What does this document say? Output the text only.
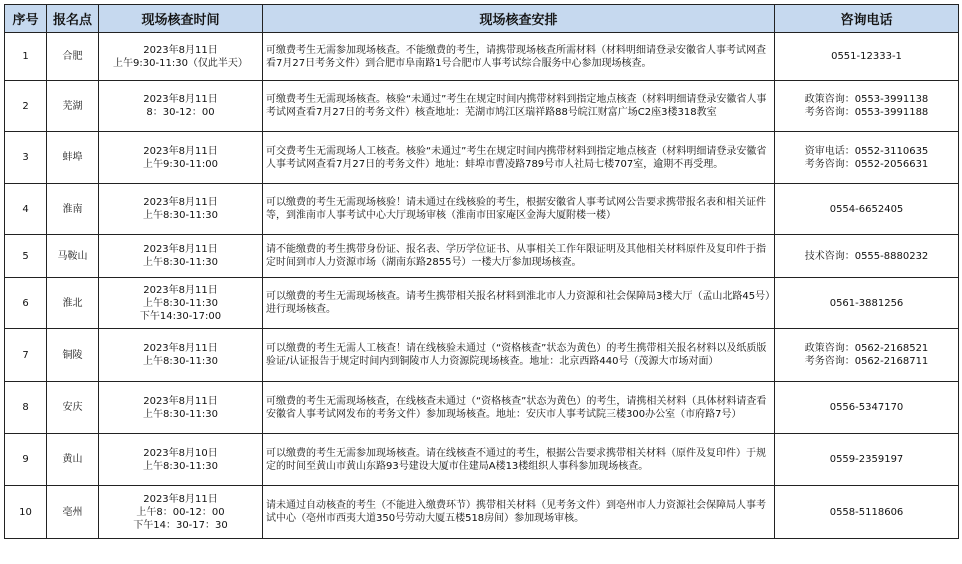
序号	报名点	现场核查时间	现场核查安排	咨询电话
1	合肥	2023年8月11日
上午9:30-11:30（仅此半天）	可缴费考生无需参加现场核查。不能缴费的考生，请携带现场核查所需材料（材料明细请登录安徽省人事考试网查看7月27日考务文件）到合肥市阜南路1号合肥市人事考试综合服务中心参加现场核查。	0551-12333-1

2	芜湖	2023年8月11日
8：30-12：00	可缴费考生无需现场核查。核验“未通过”考生在规定时间内携带材料到指定地点核查（材料明细请登录安徽省人事考试网查看7月27日的考务文件）核查地址：芜湖市鸠江区瑞祥路88号皖江财富广场C2座3楼318教室	政策咨询：0553-3991138
考务咨询：0553-3991188

3	蚌埠	2023年8月11日
上午9:30-11:00	可交费考生无需现场人工核查。核验“未通过”考生在规定时间内携带材料到指定地点核查（材料明细请登录安徽省人事考试网查看7月27日的考务文件）地址：蚌埠市曹凌路789号市人社局七楼707室，逾期不再受理。	资审电话：0552-3110635
考务咨询：0552-2056631

4	淮南	2023年8月11日
上午8:30-11:30	可以缴费的考生无需现场核验！请未通过在线核验的考生，根据安徽省人事考试网公告要求携带报名表和相关证件等，到淮南市人事考试中心大厅现场审核（淮南市田家庵区金海大厦附楼一楼）	0554-6652405

5	马鞍山	2023年8月11日
上午8:30-11:30	请不能缴费的考生携带身份证、报名表、学历学位证书、从事相关工作年限证明及其他相关材料原件及复印件于指定时间到市人力资源市场（湖南东路2855号）一楼大厅参加现场核查。	技术咨询：0555-8880232

6	淮北	2023年8月11日
上午8:30-11:30
下午14:30-17:00	可以缴费的考生无需现场核查。请考生携带相关报名材料到淮北市人力资源和社会保障局3楼大厅（孟山北路45号）进行现场核查。	0561-3881256

7	铜陵	2023年8月11日
上午8:30-11:30	可以缴费的考生无需人工核查！请在线核验未通过（“资格核查”状态为黄色）的考生携带相关报名材料以及纸质版验证/认证报告于规定时间内到铜陵市人力资源院现场核查。地址：北京西路440号（茂源大市场对面）	政策咨询：0562-2168521
考务咨询：0562-2168711

8	安庆	2023年8月11日
上午8:30-11:30	可缴费的考生无需现场核查，在线核查未通过（“资格核查”状态为黄色）的考生，请携相关材料（具体材料请查看安徽省人事考试网发布的考务文件）参加现场核查。地址：安庆市人事考试院三楼300办公室（市府路7号）	0556-5347170

9	黄山	2023年8月10日
上午8:30-11:30	可以缴费的考生无需参加现场核查。请在线核查不通过的考生，根据公告要求携带相关材料（原件及复印件）于规定的时间至黄山市黄山东路93号建设大厦市住建局A楼13楼组织人事科参加现场核查。	0559-2359197

10	亳州	2023年8月11日
上午8：00-12：00
下午14：30-17：30	请未通过自动核查的考生（不能进入缴费环节）携带相关材料（见考务文件）到亳州市人力资源社会保障局人事考试中心（亳州市西夷大道350号劳动大厦五楼518房间）参加现场审核。	0558-5118606
